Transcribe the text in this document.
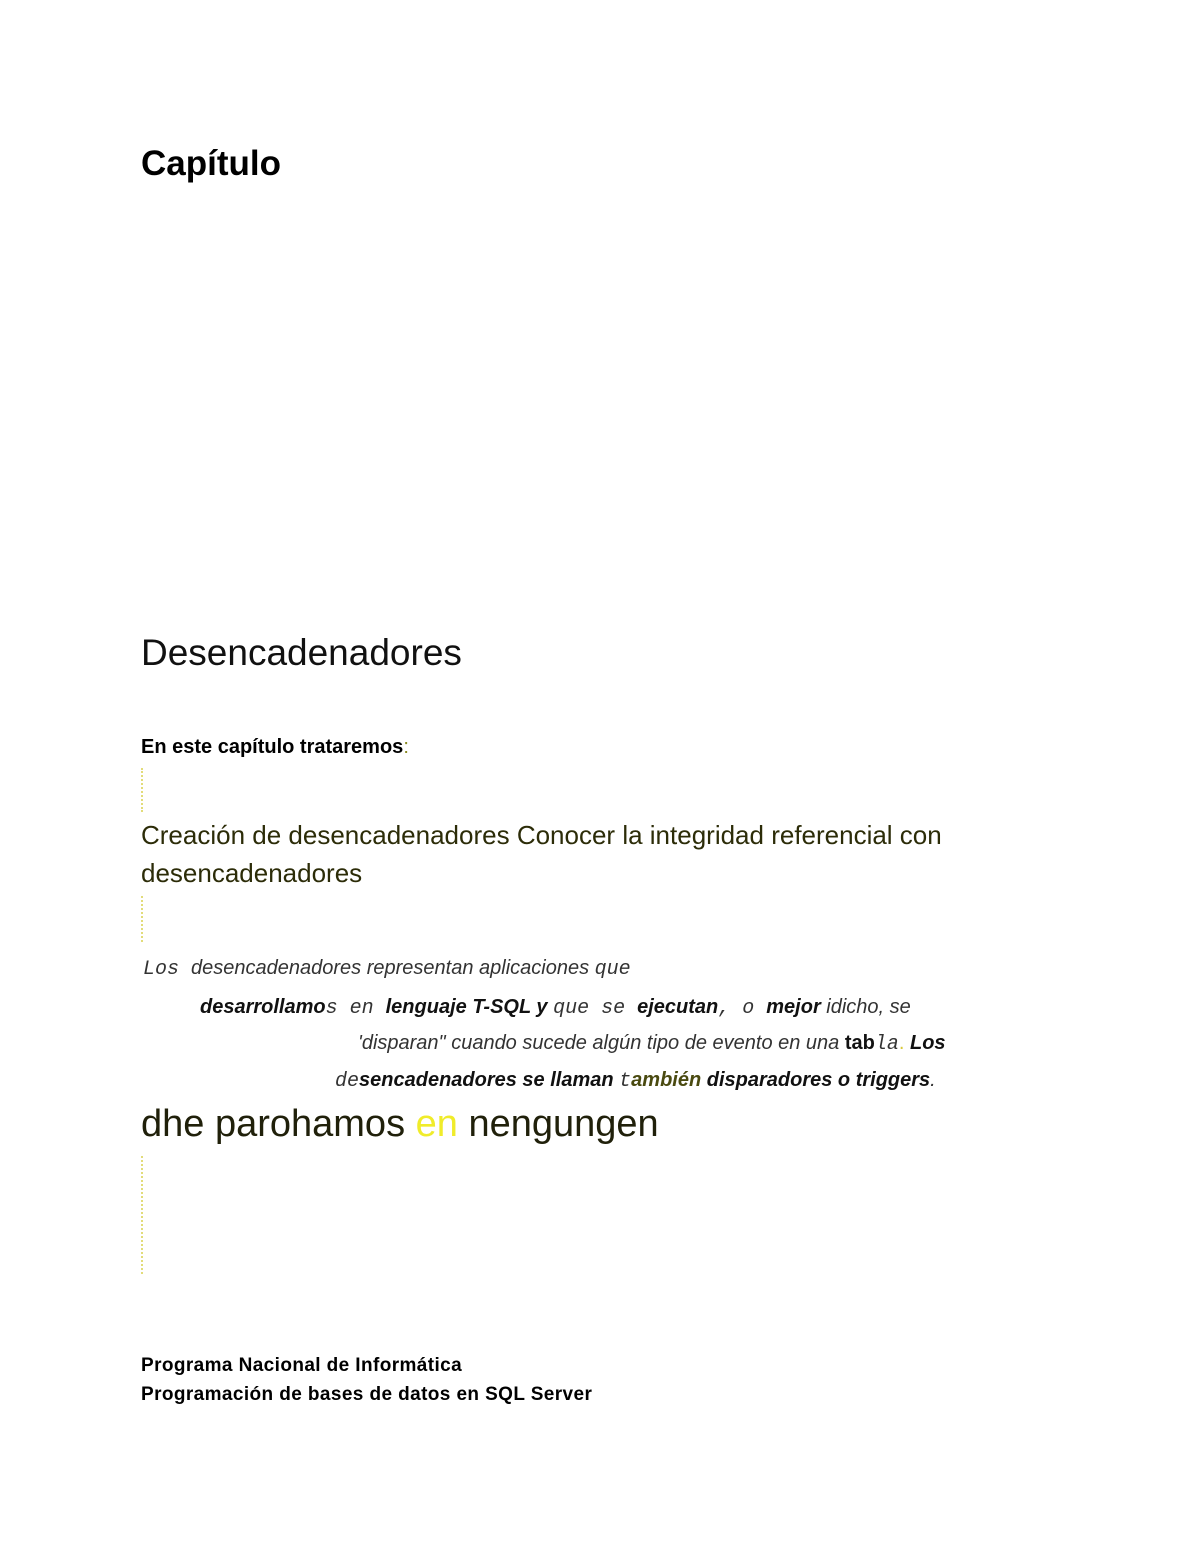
Capítulo
Desencadenadores

En este capítulo trataremos:

Creación de desencadenadores Conocer la integridad referencial con desencadenadores

Los desencadenadores representan aplicaciones que

desarrollamos en lenguaje T-SQL y que se ejecutan, o mejor idicho, se

'disparan" cuando sucede algún tipo de evento en una tabla. Los

desencadenadores se llaman también disparadores o triggers.

dhe parohamos en nengungen

Programa Nacional de Informática

Programación de bases de datos en SQL Server
